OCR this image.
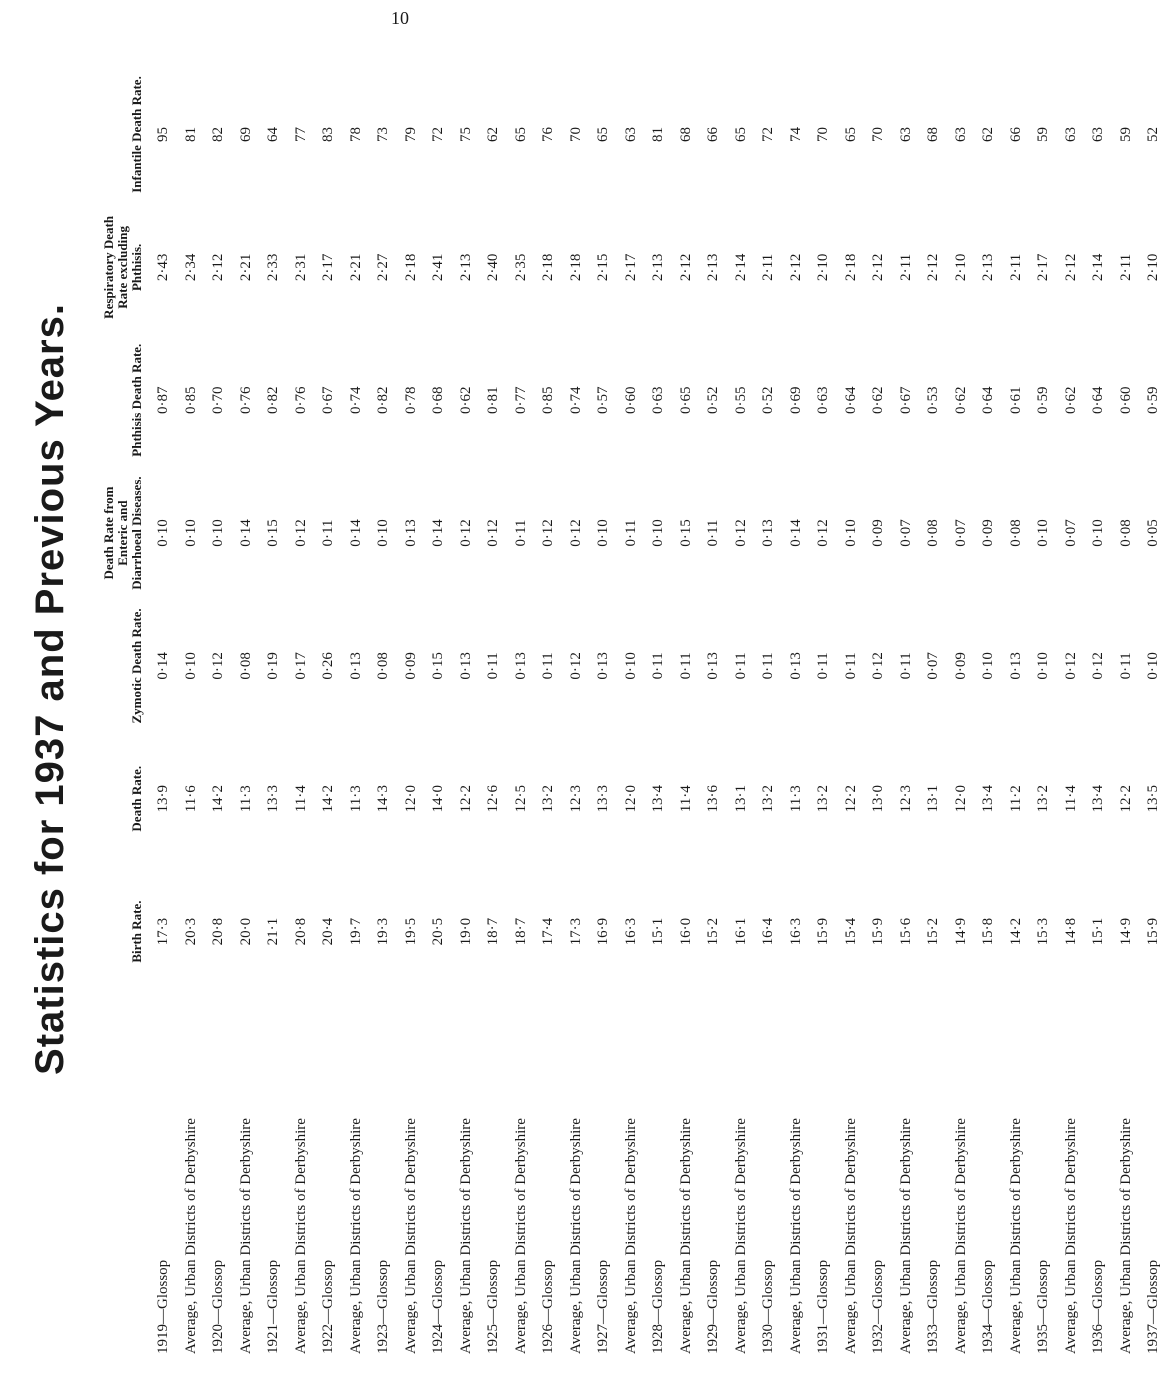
10
Statistics for 1937 and Previous Years.
		Birth Rate.	Death Rate.	Zymotic Death Rate.	Death Rate from Enteric and Diarrhoeal Diseases.	Phthisis Death Rate.	Respiratory Death Rate excluding Phthisis.	Infantile Death Rate.
1919—Glossop	17·3	13·9	0·14	0·10	0·87	2·43	95
Average, Urban Districts of Derbyshire	20·3	11·6	0·10	0·10	0·85	2·34	81
1920—Glossop	20·8	14·2	0·12	0·10	0·70	2·12	82
Average, Urban Districts of Derbyshire	20·0	11·3	0·08	0·14	0·76	2·21	69
1921—Glossop	21·1	13·3	0·19	0·15	0·82	2·33	64
Average, Urban Districts of Derbyshire	20·8	11·4	0·17	0·12	0·76	2·31	77
1922—Glossop	20·4	14·2	0·26	0·11	0·67	2·17	83
Average, Urban Districts of Derbyshire	19·7	11·3	0·13	0·14	0·74	2·21	78
1923—Glossop	19·3	14·3	0·08	0·10	0·82	2·27	73
Average, Urban Districts of Derbyshire	19·5	12·0	0·09	0·13	0·78	2·18	79
1924—Glossop	20·5	14·0	0·15	0·14	0·68	2·41	72
Average, Urban Districts of Derbyshire	19·0	12·2	0·13	0·12	0·62	2·13	75
1925—Glossop	18·7	12·6	0·11	0·12	0·81	2·40	62
Average, Urban Districts of Derbyshire	18·7	12·5	0·13	0·11	0·77	2·35	65
1926—Glossop	17·4	13·2	0·11	0·12	0·85	2·18	76
Average, Urban Districts of Derbyshire	17·3	12·3	0·12	0·12	0·74	2·18	70
1927—Glossop	16·9	13·3	0·13	0·10	0·57	2·15	65
Average, Urban Districts of Derbyshire	16·3	12·0	0·10	0·11	0·60	2·17	63
1928—Glossop	15·1	13·4	0·11	0·10	0·63	2·13	81
Average, Urban Districts of Derbyshire	16·0	11·4	0·11	0·15	0·65	2·12	68
1929—Glossop	15·2	13·6	0·13	0·11	0·52	2·13	66
Average, Urban Districts of Derbyshire	16·1	13·1	0·11	0·12	0·55	2·14	65
1930—Glossop	16·4	13·2	0·11	0·13	0·52	2·11	72
Average, Urban Districts of Derbyshire	16·3	11·3	0·13	0·14	0·69	2·12	74
1931—Glossop	15·9	13·2	0·11	0·12	0·63	2·10	70
Average, Urban Districts of Derbyshire	15·4	12·2	0·11	0·10	0·64	2·18	65
1932—Glossop	15·9	13·0	0·12	0·09	0·62	2·12	70
Average, Urban Districts of Derbyshire	15·6	12·3	0·11	0·07	0·67	2·11	63
1933—Glossop	15·2	13·1	0·07	0·08	0·53	2·12	68
Average, Urban Districts of Derbyshire	14·9	12·0	0·09	0·07	0·62	2·10	63
1934—Glossop	15·8	13·4	0·10	0·09	0·64	2·13	62
Average, Urban Districts of Derbyshire	14·2	11·2	0·13	0·08	0·61	2·11	66
1935—Glossop	15·3	13·2	0·10	0·10	0·59	2·17	59
Average, Urban Districts of Derbyshire	14·8	11·4	0·12	0·07	0·62	2·12	63
1936—Glossop	15·1	13·4	0·12	0·10	0·64	2·14	63
Average, Urban Districts of Derbyshire	14·9	12·2	0·11	0·08	0·60	2·11	59
1937—Glossop	15·9	13·5	0·10	0·05	0·59	2·10	52
